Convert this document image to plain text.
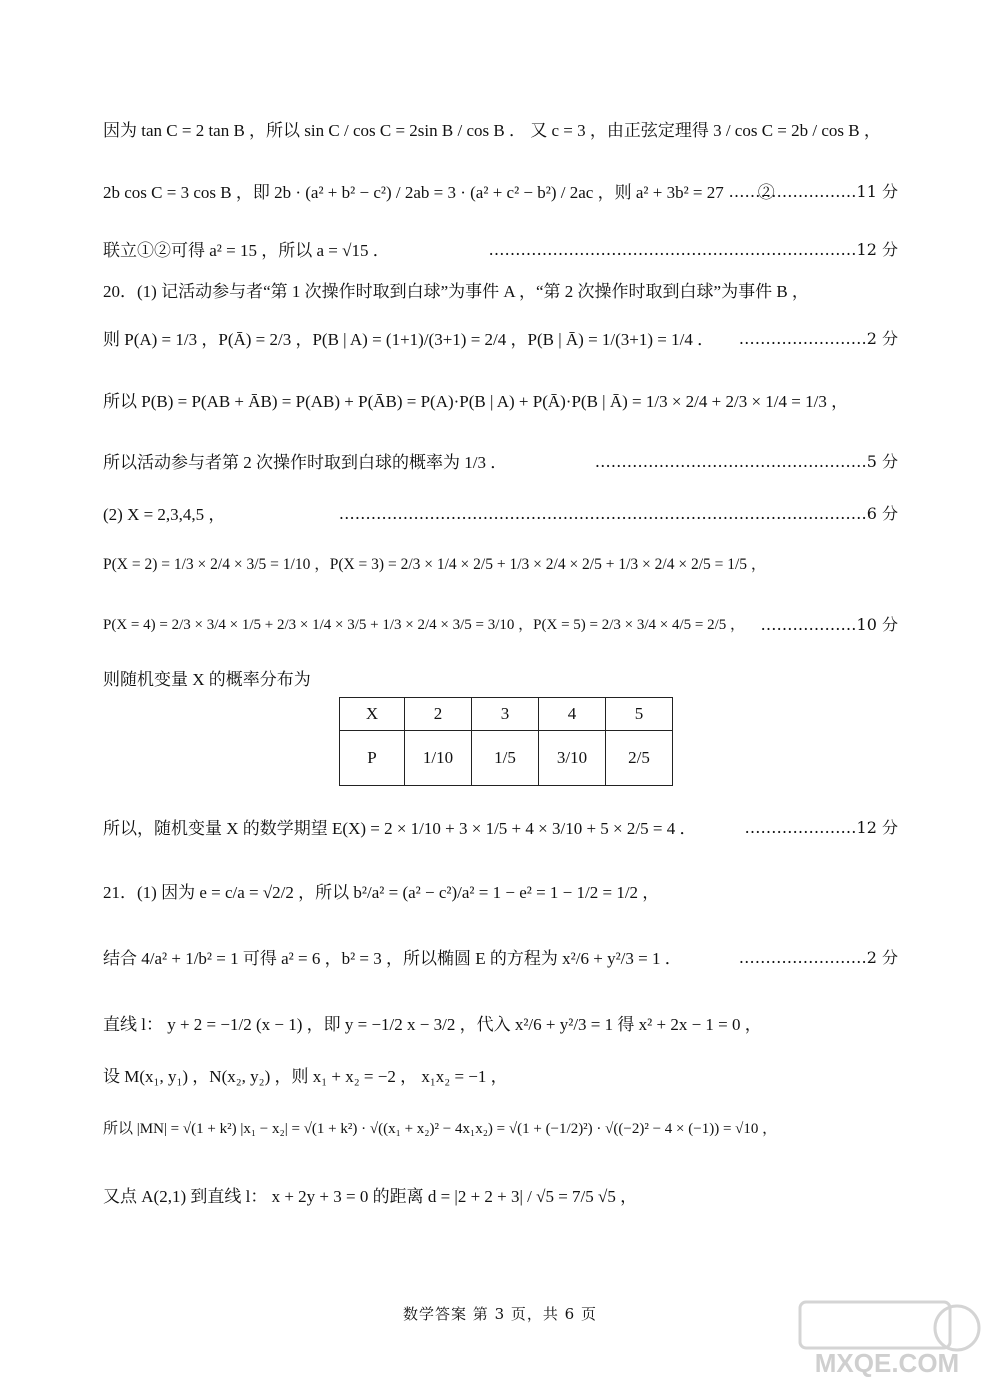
因为 tan C = 2 tan B ，所以 sin C / cos C = 2sin B / cos B ． 又 c = 3 ，由正弦定理得 3 / cos C = 2b / cos B ，
2b cos C = 3 cos B ，即 2b · (a² + b² − c²) / 2ab = 3 · (a² + c² − b²) / 2ac ，则 a² + 3b² = 27　　②
……………………11 分
联立①②可得 a² = 15 ，所以 a = √15 ．	……………………………………………………………12 分
20．(1) 记活动参与者“第 1 次操作时取到白球”为事件 A ，“第 2 次操作时取到白球”为事件 B ，
则 P(A) = 1/3 ，P(Ā) = 2/3 ，P(B | A) = (1+1)/(3+1) = 2/4 ，P(B | Ā) = 1/(3+1) = 1/4 ． ……………………2 分
所以 P(B) = P(AB + ĀB) = P(AB) + P(ĀB) = P(A)·P(B | A) + P(Ā)·P(B | Ā) = 1/3 × 2/4 + 2/3 × 1/4 = 1/3 ，
所以活动参与者第 2 次操作时取到白球的概率为 1/3 ．	……………………………………………5 分
(2) X = 2,3,4,5 ，	………………………………………………………………………………………6 分
P(X = 2) = 1/3 × 2/4 × 3/5 = 1/10 ，P(X = 3) = 2/3 × 1/4 × 2/5 + 1/3 × 2/4 × 2/5 + 1/3 × 2/4 × 2/5 = 1/5 ，
P(X = 4) = 2/3 × 3/4 × 1/5 + 2/3 × 1/4 × 3/5 + 1/3 × 2/4 × 3/5 = 3/10 ，P(X = 5) = 2/3 × 3/4 × 4/5 = 2/5 ， ………………10 分
则随机变量 X 的概率分布为
X	2	3	4	5
P	1/10	1/5	3/10	2/5
所以，随机变量 X 的数学期望 E(X) = 2 × 1/10 + 3 × 1/5 + 4 × 3/10 + 5 × 2/5 = 4 ．	…………………12 分
21．(1) 因为 e = c/a = √2/2 ，所以 b²/a² = (a² − c²)/a² = 1 − e² = 1 − 1/2 = 1/2 ，
结合 4/a² + 1/b² = 1 可得 a² = 6 ，b² = 3 ，所以椭圆 E 的方程为 x²/6 + y²/3 = 1 ．	……………………2 分
直线 l： y + 2 = −1/2 (x − 1) ，即 y = −1/2 x − 3/2 ，代入 x²/6 + y²/3 = 1 得 x² + 2x − 1 = 0 ，
设 M(x₁, y₁) ，N(x₂, y₂) ，则 x₁ + x₂ = −2 ， x₁x₂ = −1 ，
所以 |MN| = √(1 + k²) |x₁ − x₂| = √(1 + k²) · √((x₁ + x₂)² − 4x₁x₂) = √(1 + (−1/2)²) · √((−2)² − 4 × (−1)) = √10 ，
又点 A(2,1) 到直线 l： x + 2y + 3 = 0 的距离 d = |2 + 2 + 3| / √5 = 7/5 √5 ，
数学答案 第 3 页，共 6 页
MXQE.COM
